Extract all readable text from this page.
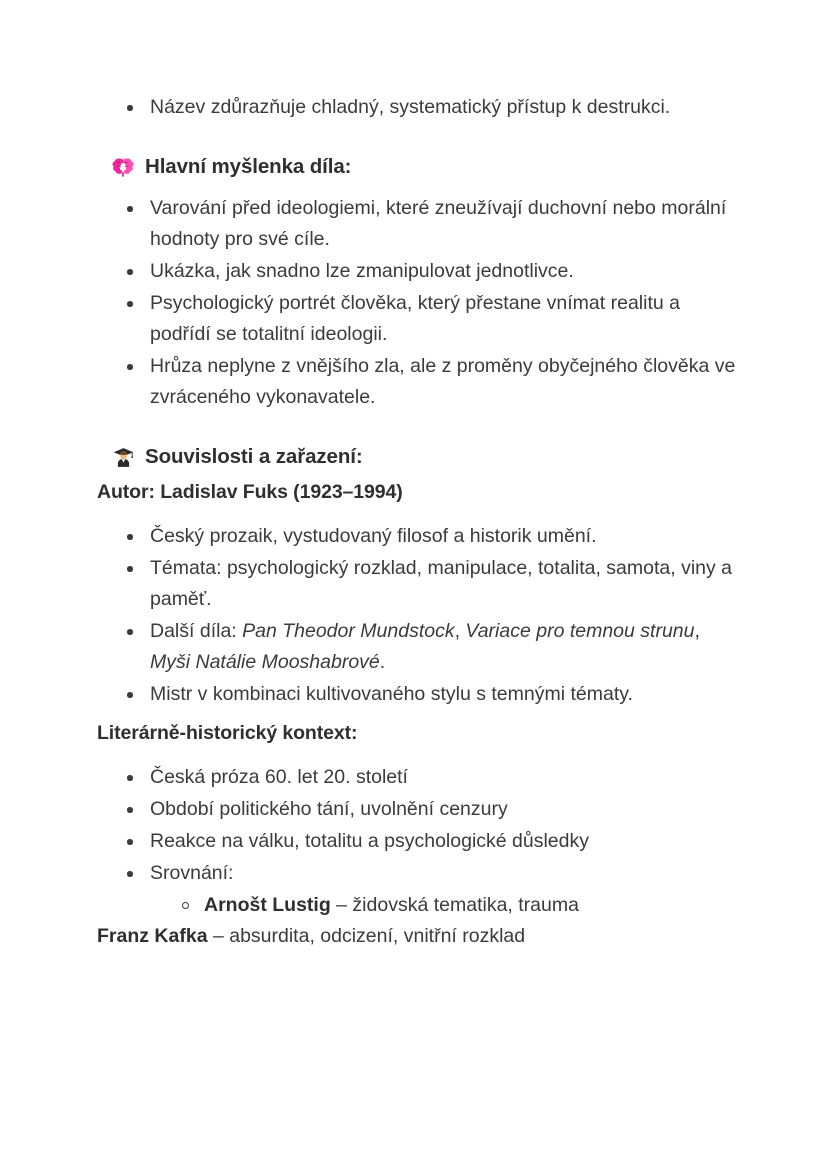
Název zdůrazňuje chladný, systematický přístup k destrukci.
Hlavní myšlenka díla:
Varování před ideologiemi, které zneužívají duchovní nebo morální hodnoty pro své cíle.
Ukázka, jak snadno lze zmanipulovat jednotlivce.
Psychologický portrét člověka, který přestane vnímat realitu a podřídí se totalitní ideologii.
Hrůza neplyne z vnějšího zla, ale z proměny obyčejného člověka ve zvráceného vykonavatele.
Souvislosti a zařazení:
Autor: Ladislav Fuks (1923–1994)
Český prozaik, vystudovaný filosof a historik umění.
Témata: psychologický rozklad, manipulace, totalita, samota, viny a paměť.
Další díla: Pan Theodor Mundstock, Variace pro temnou strunu, Myši Natálie Mooshabrové.
Mistr v kombinaci kultivovaného stylu s temnými tématy.
Literárně-historický kontext:
Česká próza 60. let 20. století
Období politického tání, uvolnění cenzury
Reakce na válku, totalitu a psychologické důsledky
Srovnání:
Arnošt Lustig – židovská tematika, trauma
Franz Kafka – absurdita, odcizení, vnitřní rozklad
